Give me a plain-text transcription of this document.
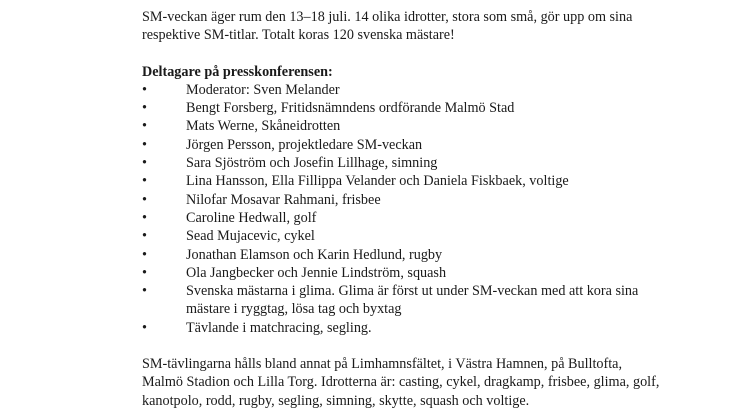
SM-veckan äger rum den 13–18 juli. 14 olika idrotter, stora som små, gör upp om sina respektive SM-titlar. Totalt koras 120 svenska mästare!

Deltagare på presskonferensen:

•	Moderator: Sven Melander
•	Bengt Forsberg, Fritidsnämndens ordförande Malmö Stad
•	Mats Werne, Skåneidrotten
•	Jörgen Persson, projektledare SM-veckan
•	Sara Sjöström och Josefin Lillhage, simning
•	Lina Hansson, Ella Fillippa Velander och Daniela Fiskbaek, voltige
•	Nilofar Mosavar Rahmani, frisbee
•	Caroline Hedwall, golf
•	Sead Mujacevic, cykel
•	Jonathan Elamson och Karin Hedlund, rugby
•	Ola Jangbecker och Jennie Lindström, squash
•	Svenska mästarna i glima. Glima är först ut under SM-veckan med att kora sina mästare i ryggtag, lösa tag och byxtag
•	Tävlande i matchracing, segling.

SM-tävlingarna hålls bland annat på Limhamnsfältet, i Västra Hamnen, på Bulltofta, Malmö Stadion och Lilla Torg. Idrotterna är: casting, cykel, dragkamp, frisbee, glima, golf, kanotpolo, rodd, rugby, segling, simning, skytte, squash och voltige.
